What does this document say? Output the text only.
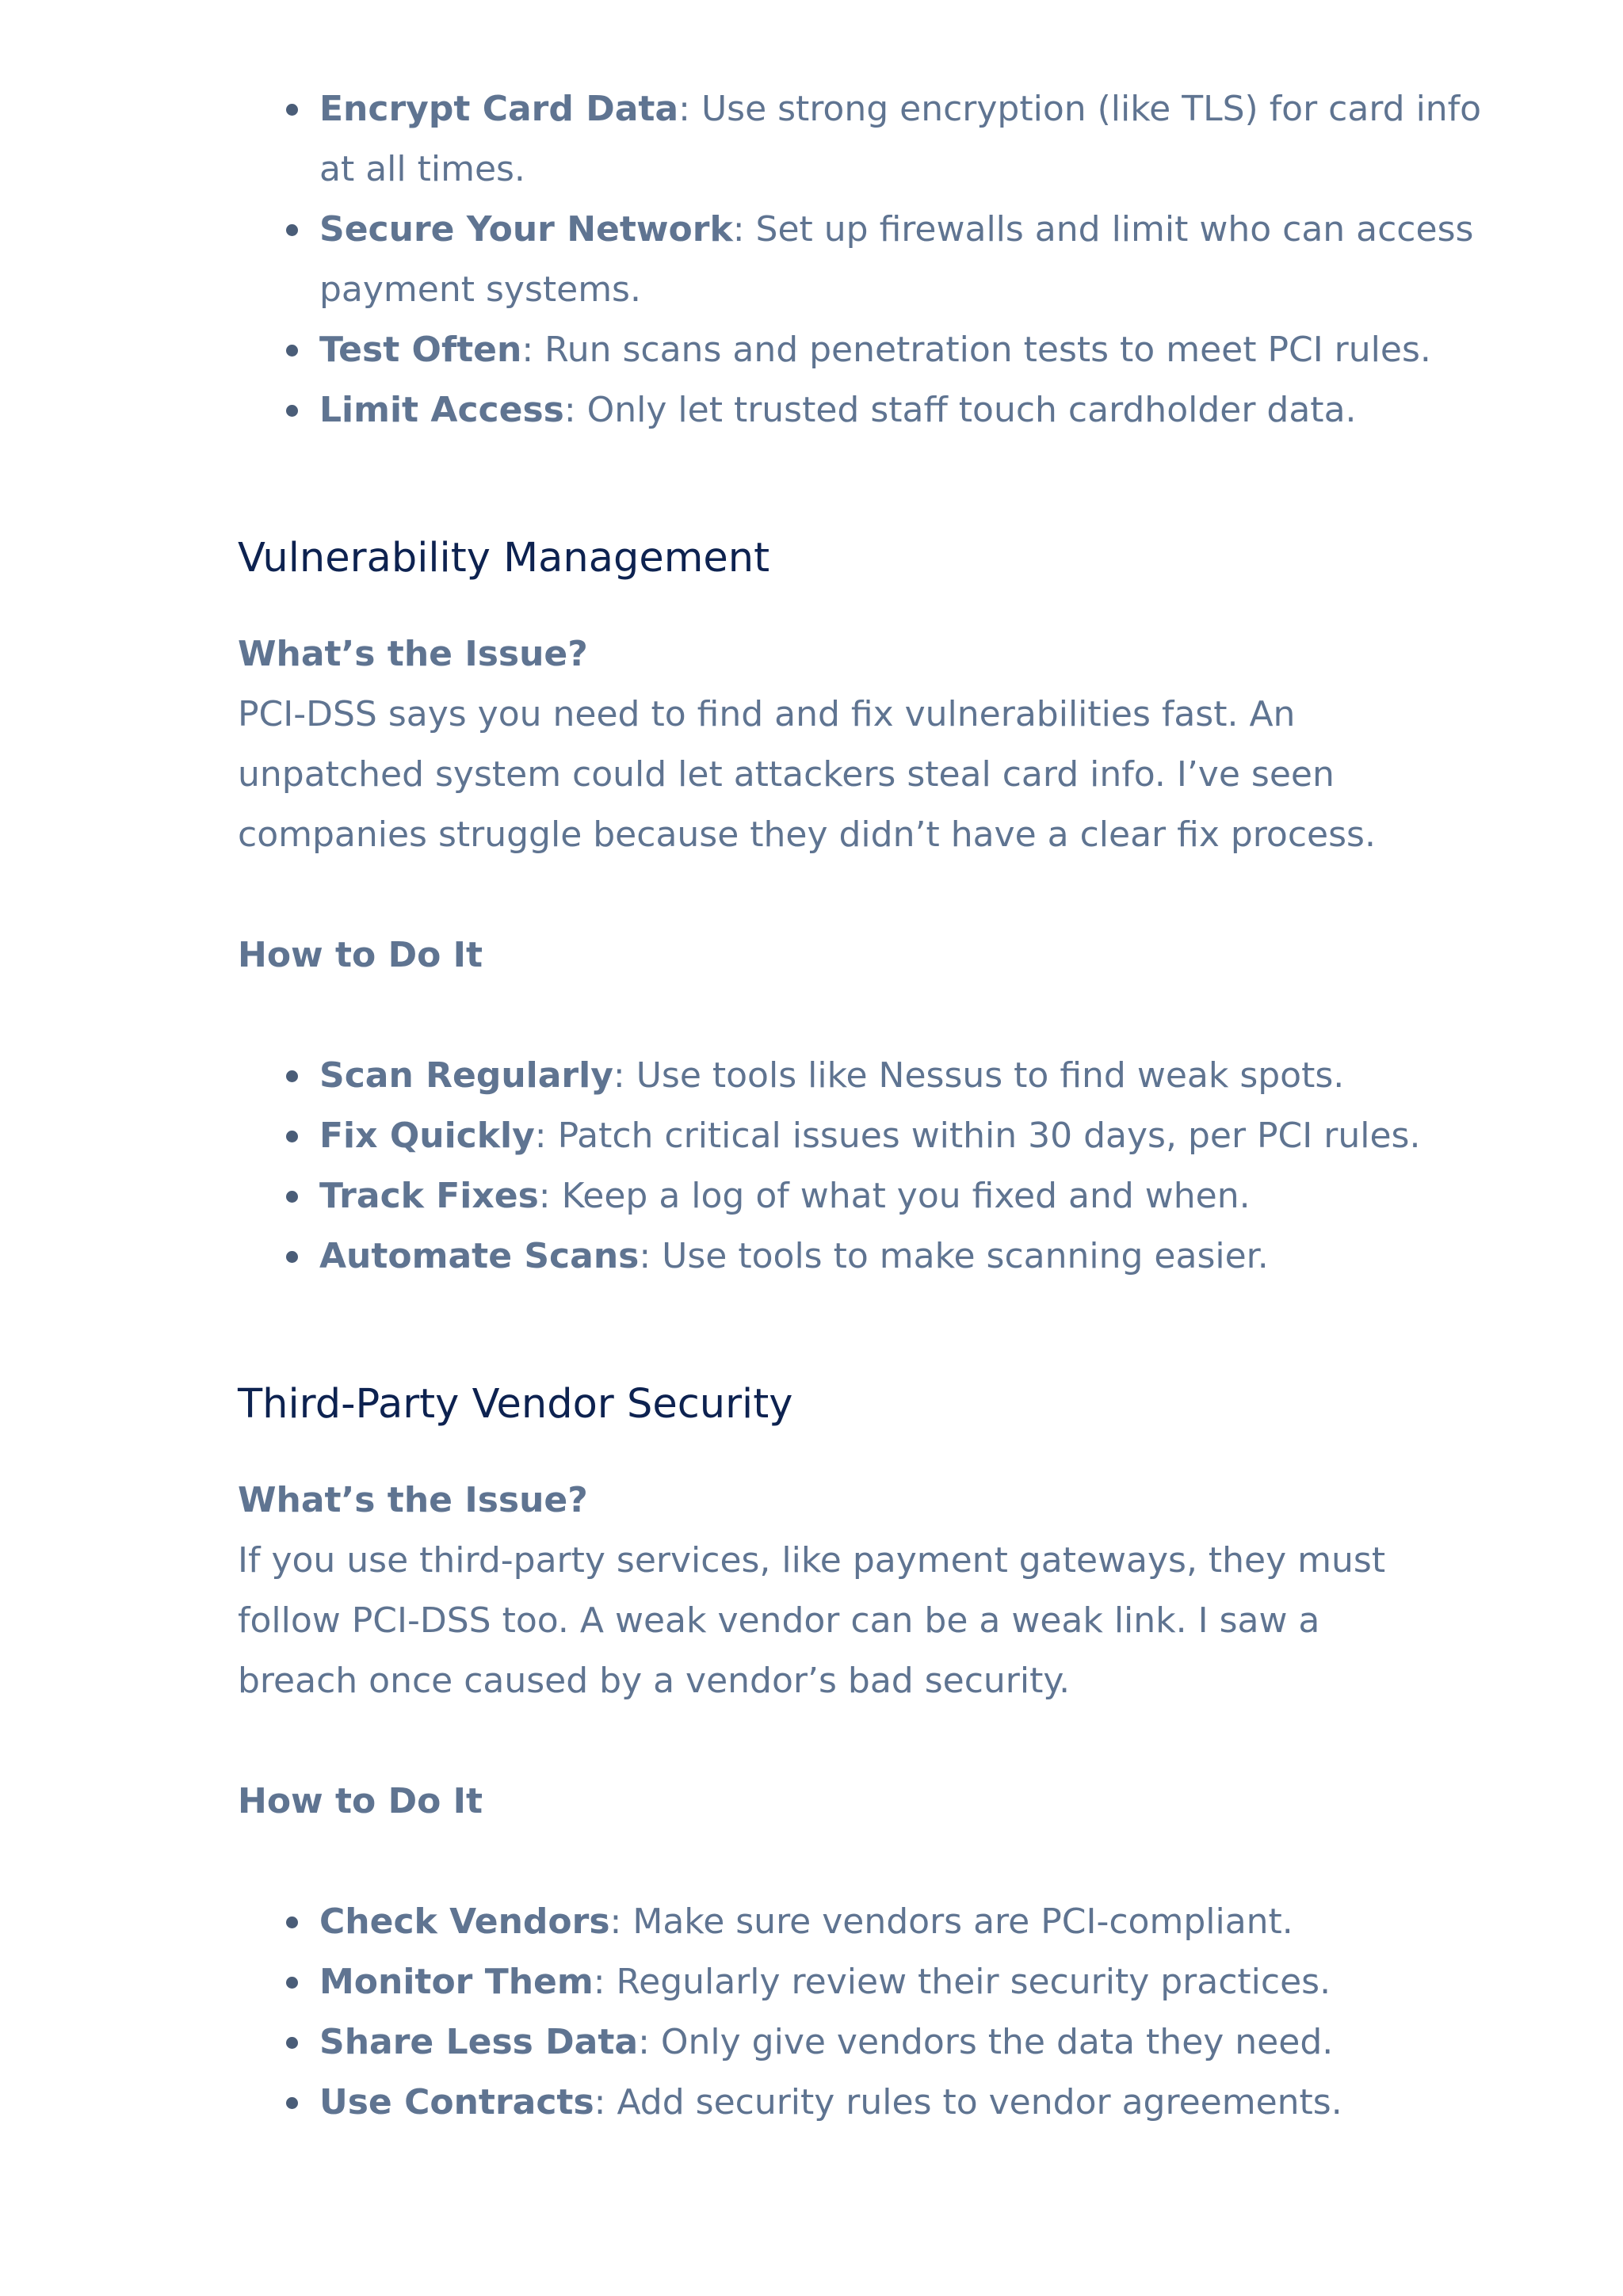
Encrypt Card Data: Use strong encryption (like TLS) for card info at all times.
Secure Your Network: Set up firewalls and limit who can access payment systems.
Test Often: Run scans and penetration tests to meet PCI rules.
Limit Access: Only let trusted staff touch cardholder data.
Vulnerability Management
What’s the Issue?

PCI-DSS says you need to find and fix vulnerabilities fast. An unpatched system could let attackers steal card info. I’ve seen companies struggle because they didn’t have a clear fix process.

How to Do It
Scan Regularly: Use tools like Nessus to find weak spots.
Fix Quickly: Patch critical issues within 30 days, per PCI rules.
Track Fixes: Keep a log of what you fixed and when.
Automate Scans: Use tools to make scanning easier.
Third-Party Vendor Security
What’s the Issue?

If you use third-party services, like payment gateways, they must follow PCI-DSS too. A weak vendor can be a weak link. I saw a breach once caused by a vendor’s bad security.

How to Do It
Check Vendors: Make sure vendors are PCI-compliant.
Monitor Them: Regularly review their security practices.
Share Less Data: Only give vendors the data they need.
Use Contracts: Add security rules to vendor agreements.
